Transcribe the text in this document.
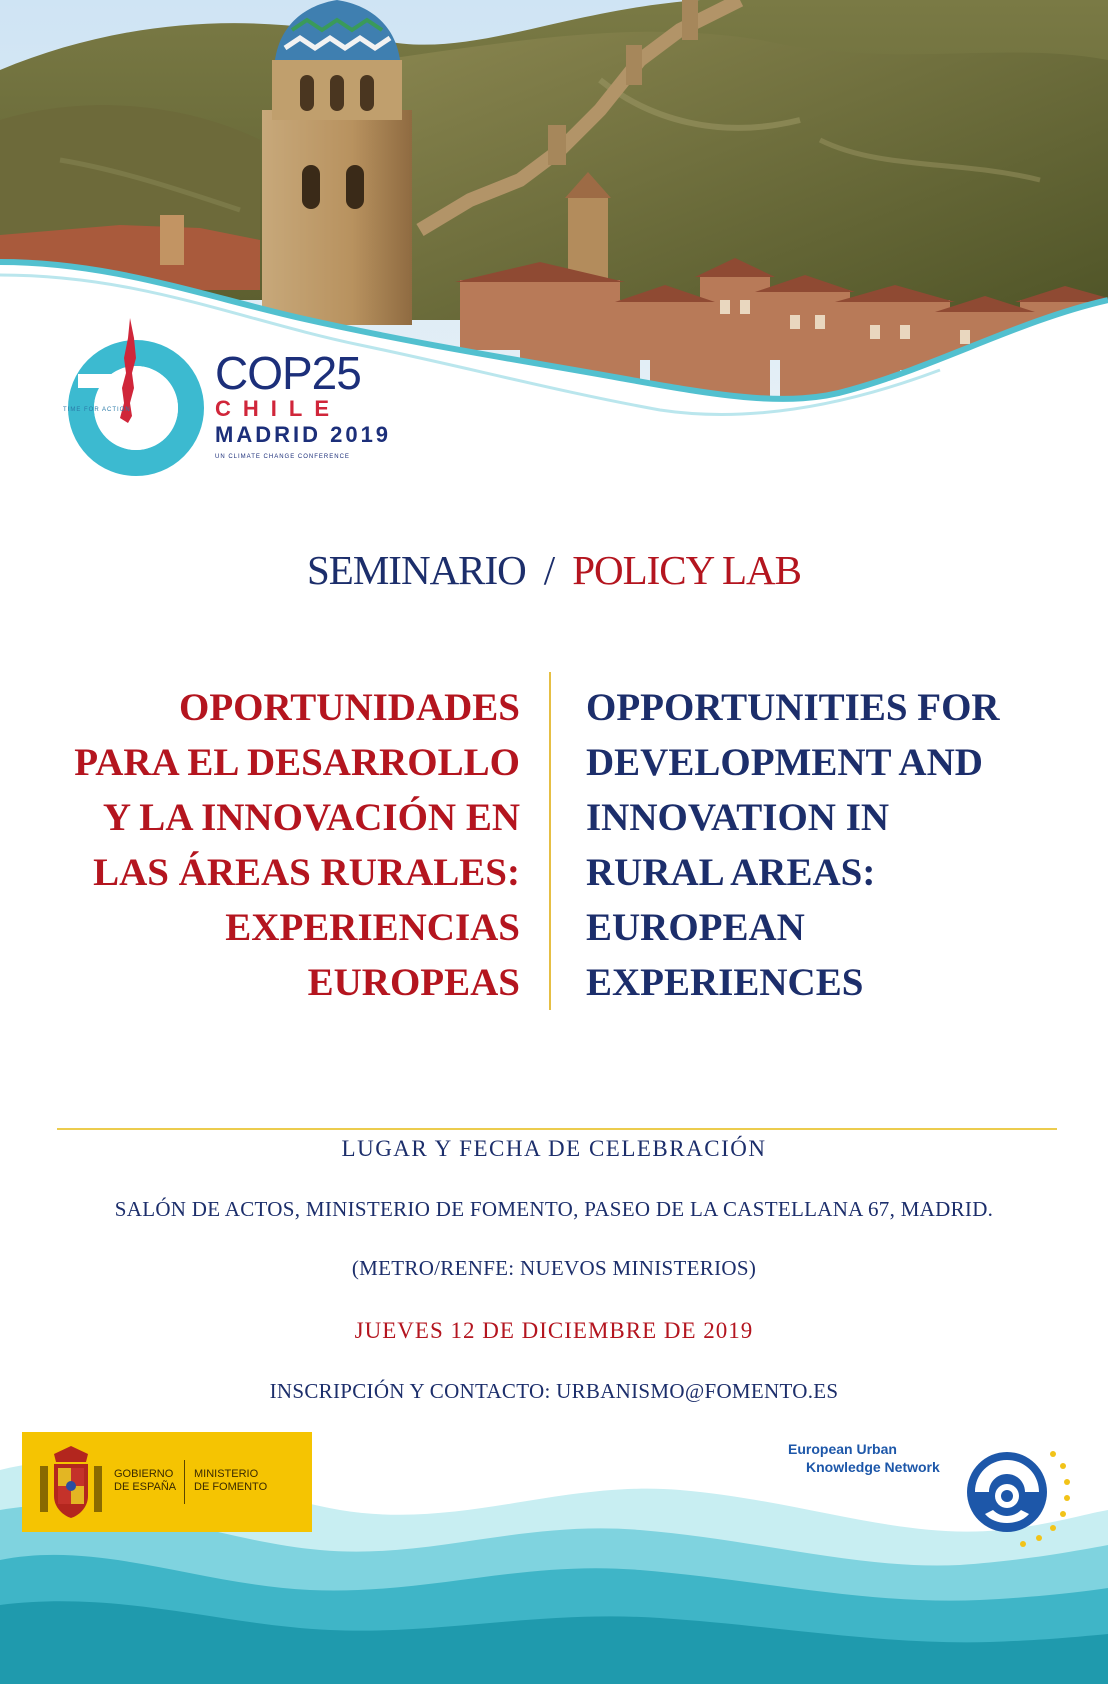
COP25
CHILE
MADRID 2019
UN CLIMATE CHANGE CONFERENCE
TIME FOR ACTION
SEMINARIO / POLICY LAB
OPORTUNIDADES
PARA EL DESARROLLO
Y LA INNOVACIÓN EN
LAS ÁREAS RURALES:
EXPERIENCIAS
EUROPEAS
OPPORTUNITIES FOR
DEVELOPMENT AND
INNOVATION IN
RURAL AREAS:
EUROPEAN
EXPERIENCES
LUGAR Y FECHA DE CELEBRACIÓN
SALÓN DE ACTOS, MINISTERIO DE FOMENTO, PASEO DE LA CASTELLANA 67, MADRID.
(METRO/RENFE: NUEVOS MINISTERIOS)
JUEVES 12 DE DICIEMBRE DE 2019
INSCRIPCIÓN Y CONTACTO: URBANISMO@FOMENTO.ES
GOBIERNO
DE ESPAÑA
MINISTERIO
DE FOMENTO
European Urban
Knowledge Network
